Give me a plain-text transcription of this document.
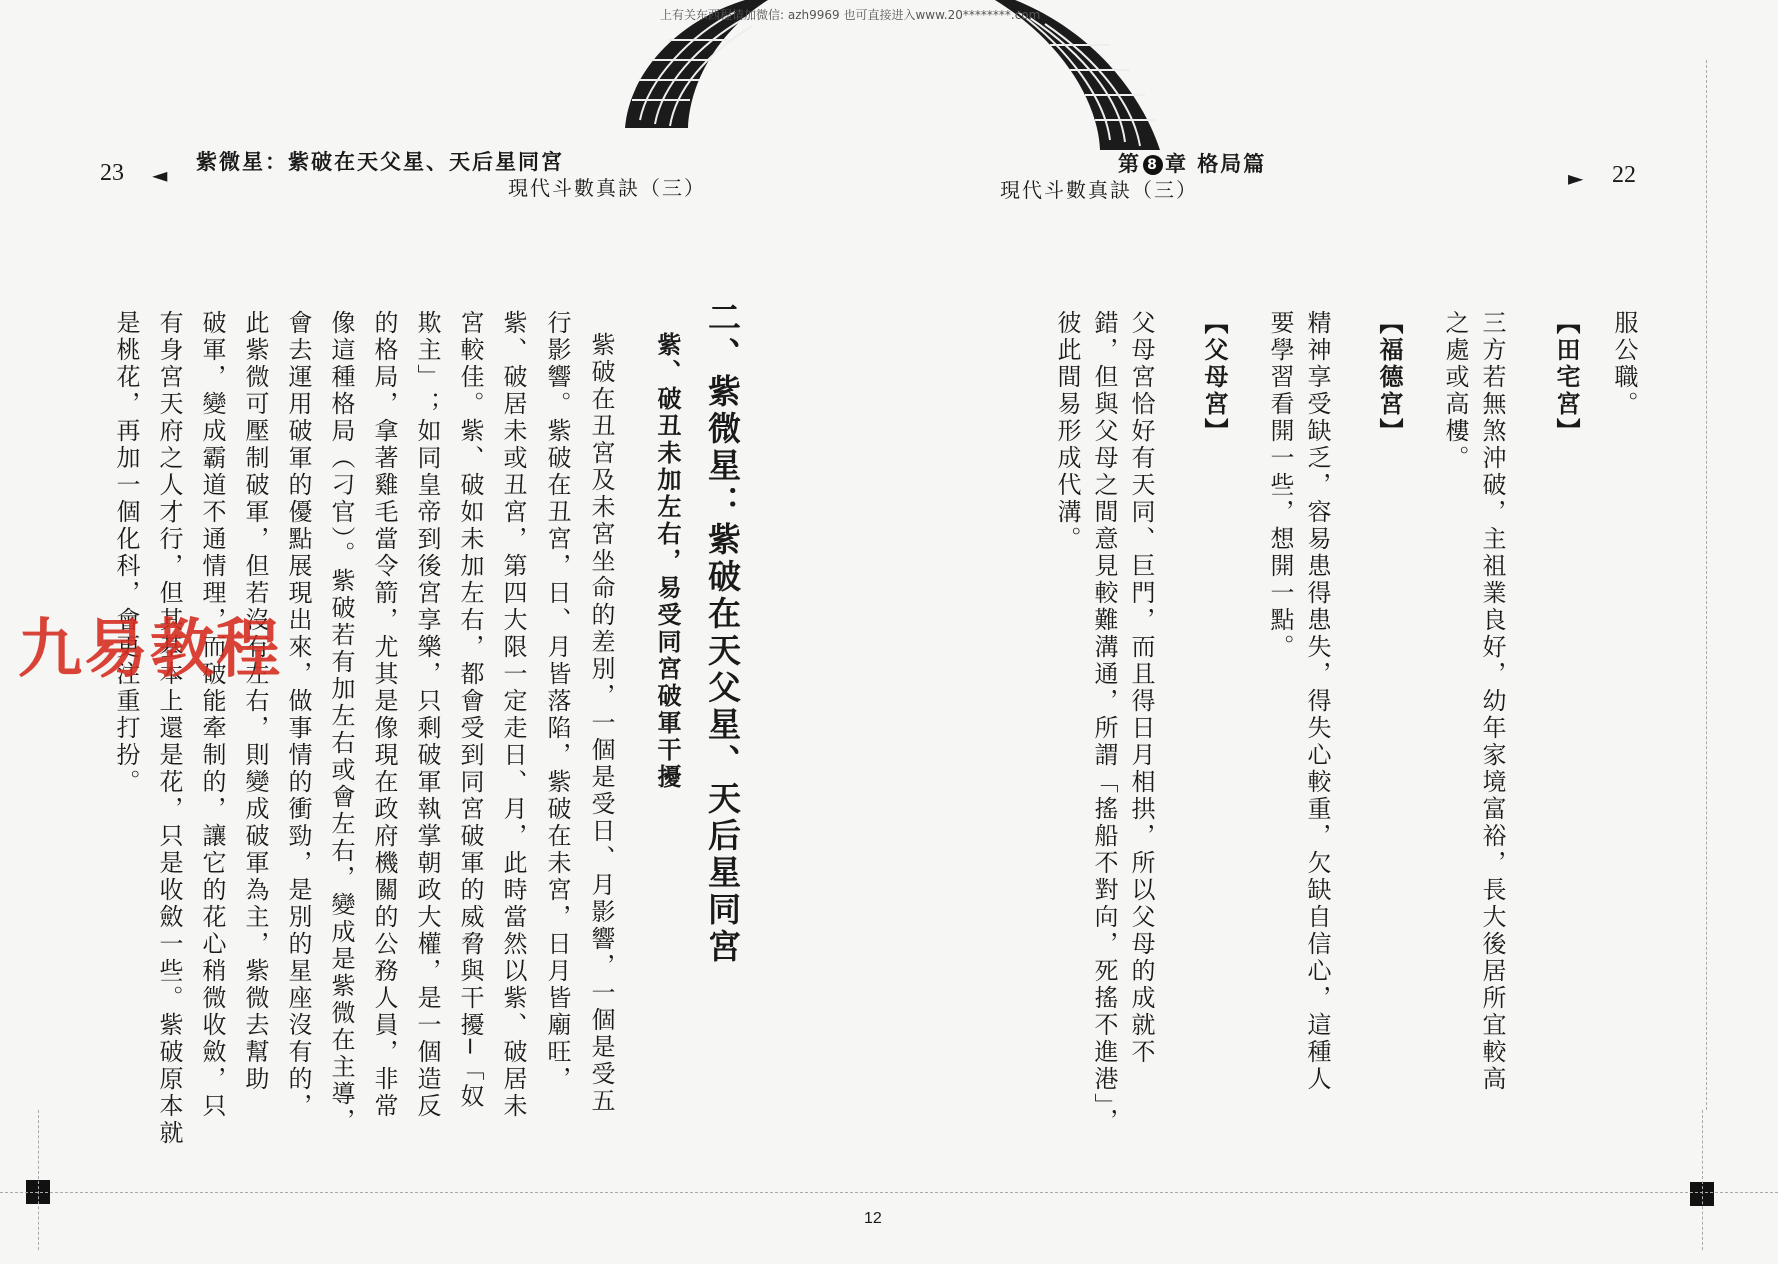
上有关东西程请加微信: azh9969 也可直接进入www.20********.com
23 ◄
紫微星：紫破在天父星、天后星同宮
現代斗數真訣（三）
第 8 章 格局篇
現代斗數真訣（三）	► 22
服公職。
【田宅宮】
三方若無煞沖破，主祖業良好，幼年家境富裕，長大後居所宜較高
之處或高樓。
【福德宮】
精神享受缺乏，容易患得患失，得失心較重，欠缺自信心，這種人
要學習看開一些，想開一點。
【父母宮】
父母宮恰好有天同、巨門，而且得日月相拱，所以父母的成就不
錯，但與父母之間意見較難溝通，所謂「搖船不對向，死搖不進港」，
彼此間易形成代溝。
二、紫微星：紫破在天父星、天后星同宮
紫、破丑未加左右，易受同宮破軍干擾
紫破在丑宮及未宮坐命的差別，一個是受日、月影響，一個是受五
行影響。紫破在丑宮，日、月皆落陷，紫破在未宮，日月皆廟旺，
紫、破居未或丑宮，第四大限一定走日、月，此時當然以紫、破居未
宮較佳。紫、破如未加左右，都會受到同宮破軍的威脅與干擾─「奴
欺主」；如同皇帝到後宮享樂，只剩破軍執掌朝政大權，是一個造反
的格局，拿著雞毛當令箭，尤其是像現在政府機關的公務人員，非常
像這種格局（刁官）。紫破若有加左右或會左右，變成是紫微在主導，
會去運用破軍的優點展現出來，做事情的衝勁，是別的星座沒有的，
此紫微可壓制破軍，但若沒有左右，則變成破軍為主，紫微去幫助
破軍，變成霸道不通情理，而破能牽制的，讓它的花心稍微收斂，只
有身宮天府之人才行，但其基本上還是花，只是收斂一些。紫破原本就
是桃花，再加一個化科，會更注重打扮。
九易教程
12
